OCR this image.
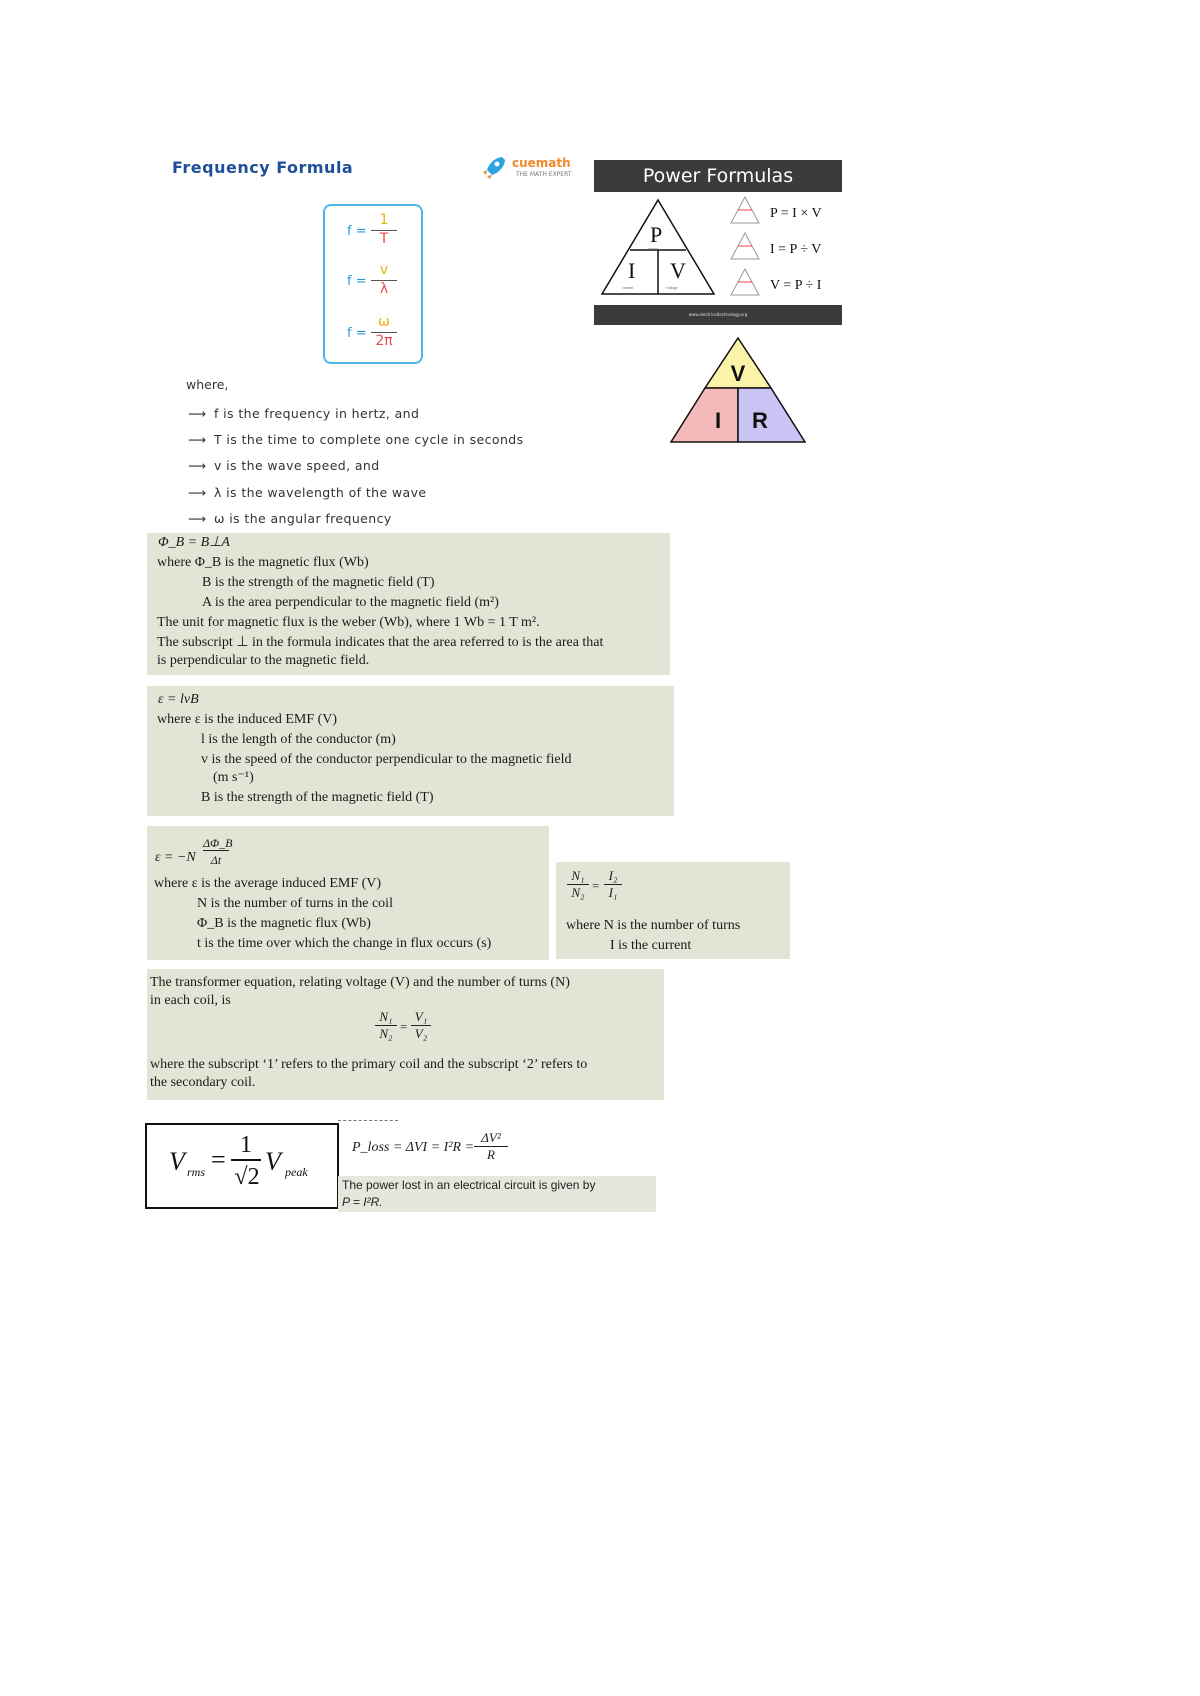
Frequency Formula	cuemath
THE MATH EXPERT
$f = \frac{1}{T}$
$f = \frac{v}{\lambda}$
$f = \frac{\omega}{2\pi}$
where,
⟶ f is the frequency in hertz, and
⟶ T is the time to complete one cycle in seconds
⟶ v is the wave speed, and
⟶ λ is the wavelength of the wave
⟶ ω is the angular frequency
Power Formulas
P
power
I
current
V
voltage
P = I × V
I = P ÷ V
V = P ÷ I
www.electricaltechnology.org
V
I R
Φ_B = B⊥A
where Φ_B is the magnetic flux (Wb)
B is the strength of the magnetic field (T)
A is the area perpendicular to the magnetic field (m²)
The unit for magnetic flux is the weber (Wb), where 1 Wb = 1 T m².
The subscript ⊥ in the formula indicates that the area referred to is the area that
is perpendicular to the magnetic field.
ε = lvB
where ε is the induced EMF (V)
l is the length of the conductor (m)
v is the speed of the conductor perpendicular to the magnetic field
(m s⁻¹)
B is the strength of the magnetic field (T)
ε = −N
ΔΦ_B
Δt
where ε is the average induced EMF (V)
N is the number of turns in the coil
Φ_B is the magnetic flux (Wb)
t is the time over which the change in flux occurs (s)
N₁
N₂ =
I₂
I₁
where N is the number of turns
I is the current
The transformer equation, relating voltage (V) and the number of turns (N)
in each coil, is
N₁
N₂ =
V₁
V₂
where the subscript ‘1’ refers to the primary coil and the subscript ‘2’ refers to
the secondary coil.
V rms = 1
√2
V peak
P_loss = ΔVI = I²R =
ΔV²
R
The power lost in an electrical circuit is given by
P = I²R.
